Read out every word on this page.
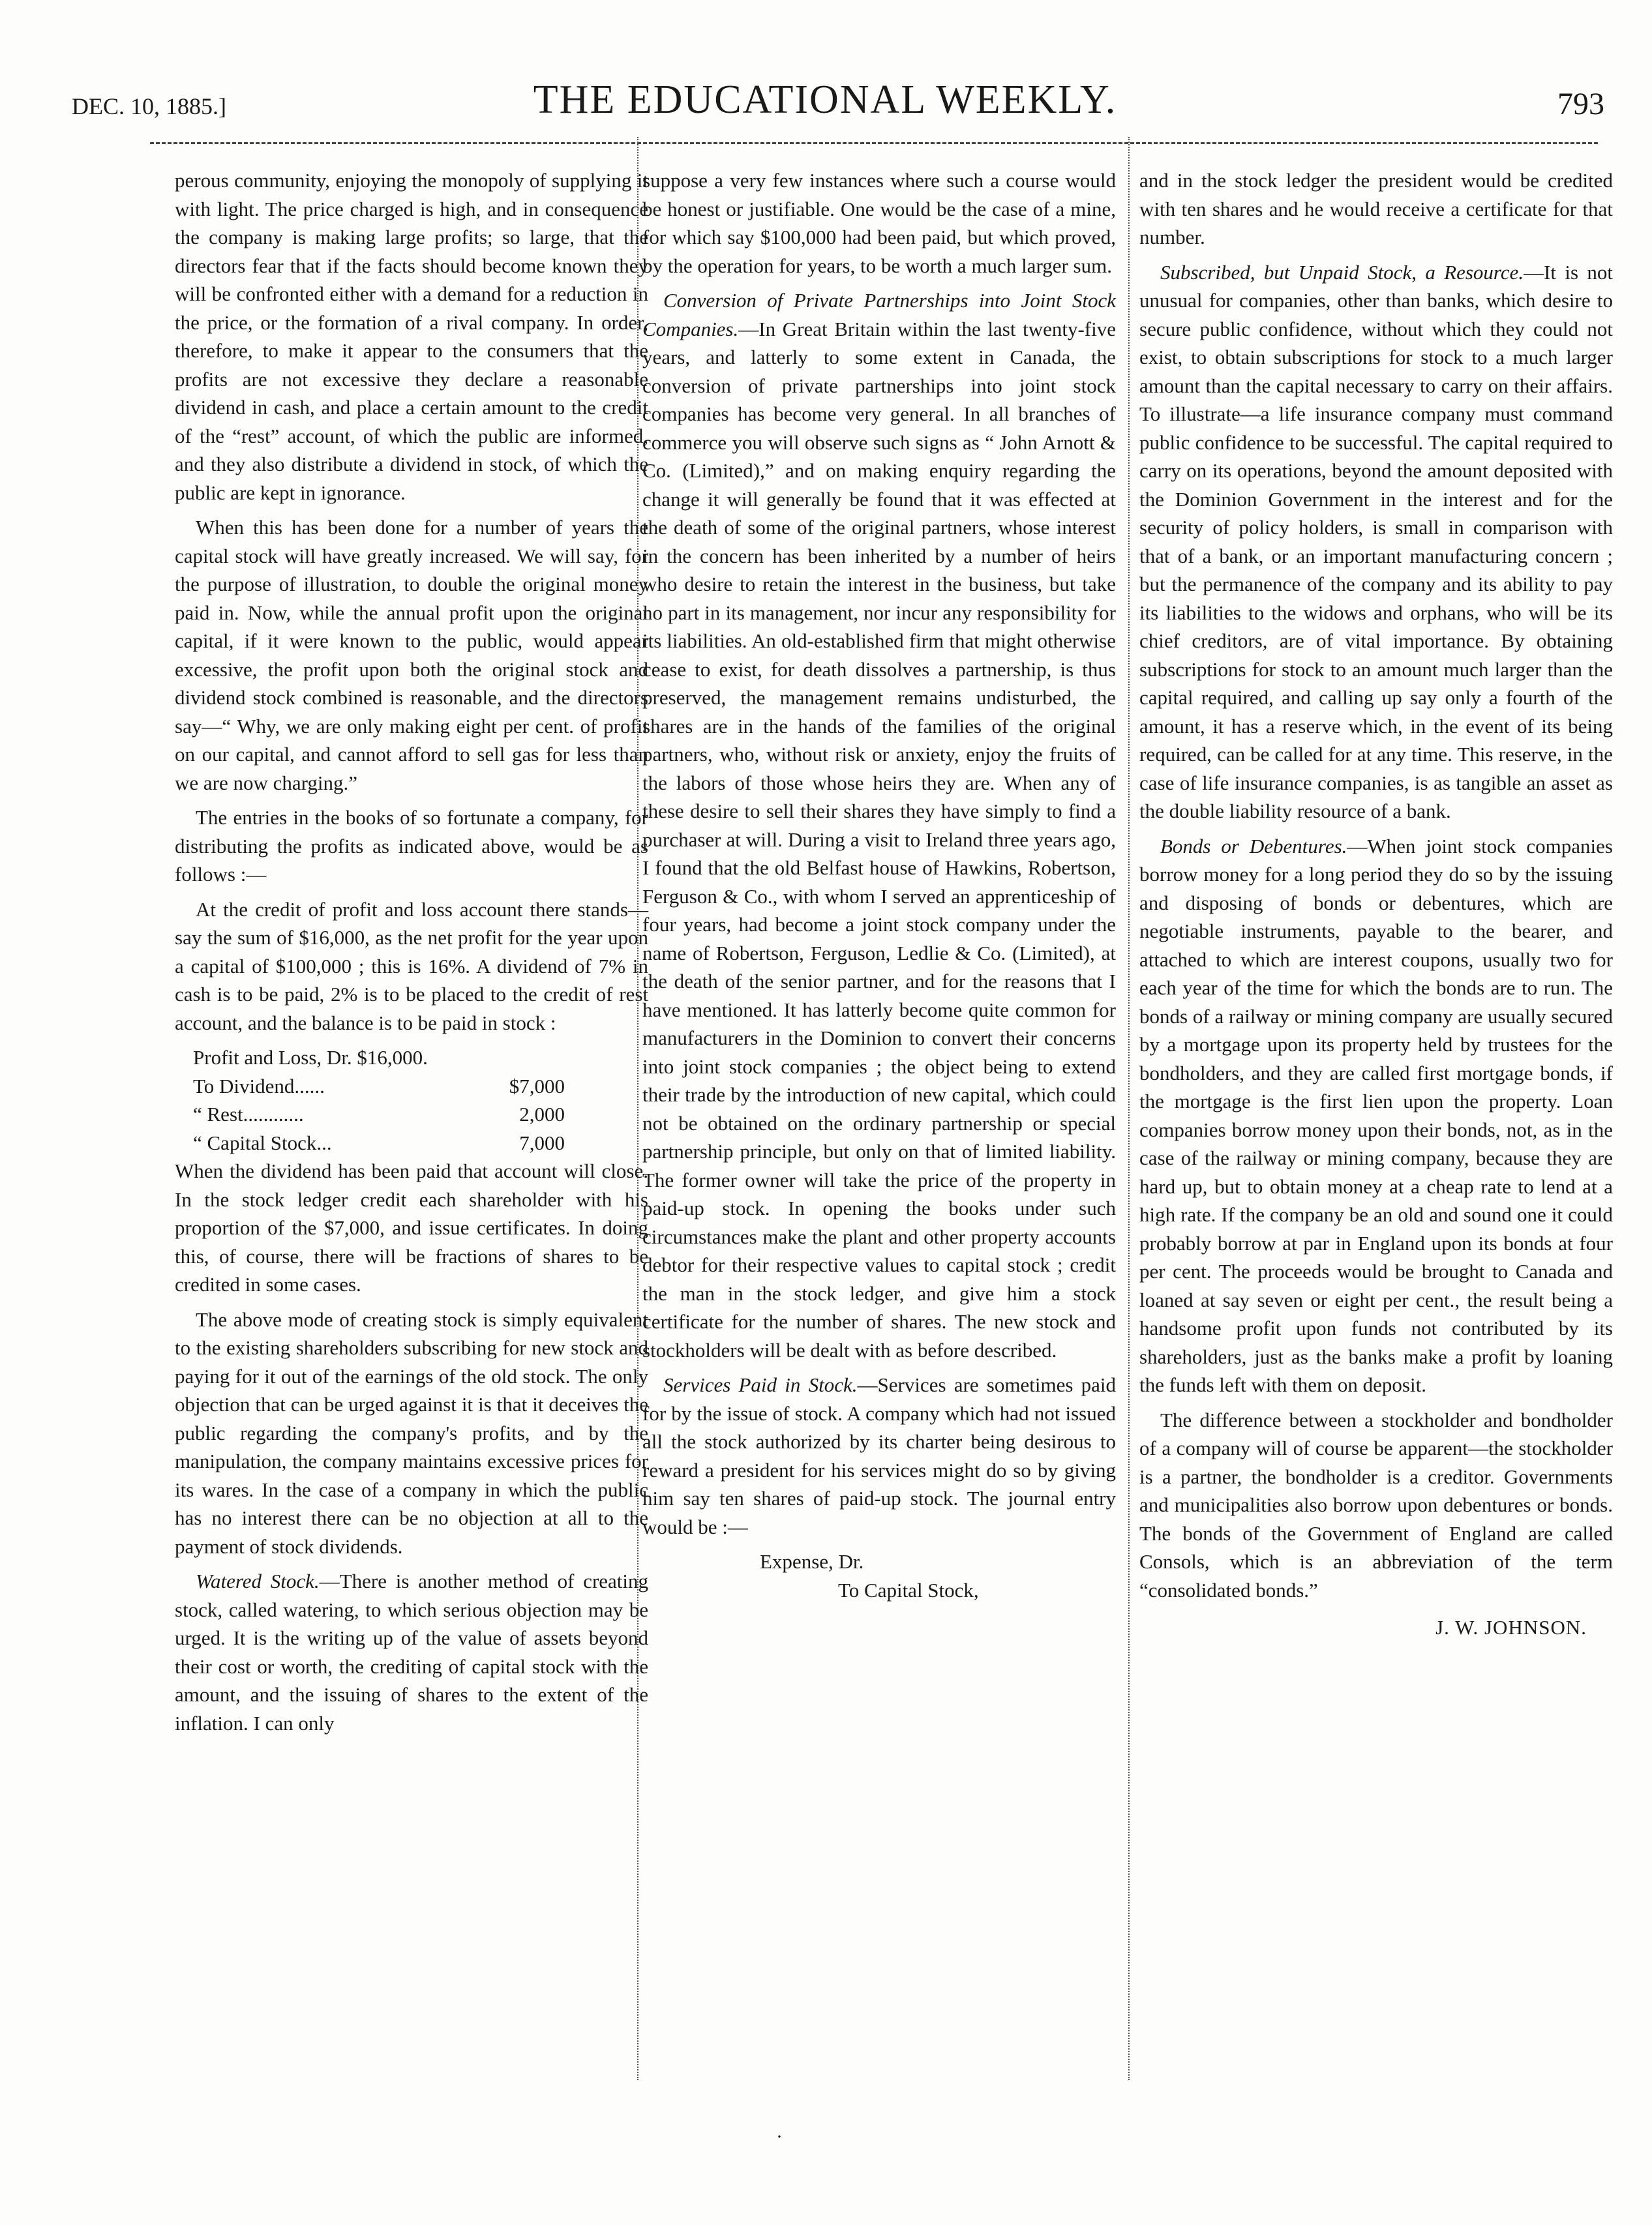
DEC. 10, 1885.]	THE EDUCATIONAL WEEKLY.	793

perous community, enjoying the monopoly of supplying it with light. The price charged is high, and in consequence the company is making large profits; so large, that the directors fear that if the facts should become known they will be confronted either with a demand for a reduction in the price, or the formation of a rival company. In order, therefore, to make it appear to the consumers that the profits are not excessive they declare a reasonable dividend in cash, and place a certain amount to the credit of the “rest” account, of which the public are informed, and they also distribute a dividend in stock, of which the public are kept in ignorance.

When this has been done for a number of years the capital stock will have greatly increased. We will say, for the purpose of illustration, to double the original money paid in. Now, while the annual profit upon the original capital, if it were known to the public, would appear excessive, the profit upon both the original stock and dividend stock combined is reasonable, and the directors say—“ Why, we are only making eight per cent. of profit on our capital, and cannot afford to sell gas for less than we are now charging.”

The entries in the books of so fortunate a company, for distributing the profits as indicated above, would be as follows :—

At the credit of profit and loss account there stands—say the sum of $16,000, as the net profit for the year upon a capital of $100,000 ; this is 16%. A dividend of 7% in cash is to be paid, 2% is to be placed to the credit of rest account, and the balance is to be paid in stock :

Profit and Loss, Dr. $16,000.
To Dividend......	$7,000
“ Rest............	2,000
“ Capital Stock...	7,000

When the dividend has been paid that account will close. In the stock ledger credit each shareholder with his proportion of the $7,000, and issue certificates. In doing this, of course, there will be fractions of shares to be credited in some cases.

The above mode of creating stock is simply equivalent to the existing shareholders subscribing for new stock and paying for it out of the earnings of the old stock. The only objection that can be urged against it is that it deceives the public regarding the company's profits, and by the manipulation, the company maintains excessive prices for its wares. In the case of a company in which the public has no interest there can be no objection at all to the payment of stock dividends.

Watered Stock.—There is another method of creating stock, called watering, to which serious objection may be urged. It is the writing up of the value of assets beyond their cost or worth, the crediting of capital stock with the amount, and the issuing of shares to the extent of the inflation. I can only

suppose a very few instances where such a course would be honest or justifiable. One would be the case of a mine, for which say $100,000 had been paid, but which proved, by the operation for years, to be worth a much larger sum.

Conversion of Private Partnerships into Joint Stock Companies.—In Great Britain within the last twenty-five years, and latterly to some extent in Canada, the conversion of private partnerships into joint stock companies has become very general. In all branches of commerce you will observe such signs as “ John Arnott & Co. (Limited),” and on making enquiry regarding the change it will generally be found that it was effected at the death of some of the original partners, whose interest in the concern has been inherited by a number of heirs who desire to retain the interest in the business, but take no part in its management, nor incur any responsibility for its liabilities. An old-established firm that might otherwise cease to exist, for death dissolves a partnership, is thus preserved, the management remains undisturbed, the shares are in the hands of the families of the original partners, who, without risk or anxiety, enjoy the fruits of the labors of those whose heirs they are. When any of these desire to sell their shares they have simply to find a purchaser at will. During a visit to Ireland three years ago, I found that the old Belfast house of Hawkins, Robertson, Ferguson & Co., with whom I served an apprenticeship of four years, had become a joint stock company under the name of Robertson, Ferguson, Ledlie & Co. (Limited), at the death of the senior partner, and for the reasons that I have mentioned. It has latterly become quite common for manufacturers in the Dominion to convert their concerns into joint stock companies ; the object being to extend their trade by the introduction of new capital, which could not be obtained on the ordinary partnership or special partnership principle, but only on that of limited liability. The former owner will take the price of the property in paid-up stock. In opening the books under such circumstances make the plant and other property accounts debtor for their respective values to capital stock ; credit the man in the stock ledger, and give him a stock certificate for the number of shares. The new stock and stockholders will be dealt with as before described.

Services Paid in Stock.—Services are sometimes paid for by the issue of stock. A company which had not issued all the stock authorized by its charter being desirous to reward a president for his services might do so by giving him say ten shares of paid-up stock. The journal entry would be :—

Expense, Dr.
To Capital Stock,

and in the stock ledger the president would be credited with ten shares and he would receive a certificate for that number.

Subscribed, but Unpaid Stock, a Resource.—It is not unusual for companies, other than banks, which desire to secure public confidence, without which they could not exist, to obtain subscriptions for stock to a much larger amount than the capital necessary to carry on their affairs. To illustrate—a life insurance company must command public confidence to be successful. The capital required to carry on its operations, beyond the amount deposited with the Dominion Government in the interest and for the security of policy holders, is small in comparison with that of a bank, or an important manufacturing concern ; but the permanence of the company and its ability to pay its liabilities to the widows and orphans, who will be its chief creditors, are of vital importance. By obtaining subscriptions for stock to an amount much larger than the capital required, and calling up say only a fourth of the amount, it has a reserve which, in the event of its being required, can be called for at any time. This reserve, in the case of life insurance companies, is as tangible an asset as the double liability resource of a bank.

Bonds or Debentures.—When joint stock companies borrow money for a long period they do so by the issuing and disposing of bonds or debentures, which are negotiable instruments, payable to the bearer, and attached to which are interest coupons, usually two for each year of the time for which the bonds are to run. The bonds of a railway or mining company are usually secured by a mortgage upon its property held by trustees for the bondholders, and they are called first mortgage bonds, if the mortgage is the first lien upon the property. Loan companies borrow money upon their bonds, not, as in the case of the railway or mining company, because they are hard up, but to obtain money at a cheap rate to lend at a high rate. If the company be an old and sound one it could probably borrow at par in England upon its bonds at four per cent. The proceeds would be brought to Canada and loaned at say seven or eight per cent., the result being a handsome profit upon funds not contributed by its shareholders, just as the banks make a profit by loaning the funds left with them on deposit.

The difference between a stockholder and bondholder of a company will of course be apparent—the stockholder is a partner, the bondholder is a creditor. Governments and municipalities also borrow upon debentures or bonds. The bonds of the Government of England are called Consols, which is an abbreviation of the term “consolidated bonds.”

J. W. JOHNSON.
·
